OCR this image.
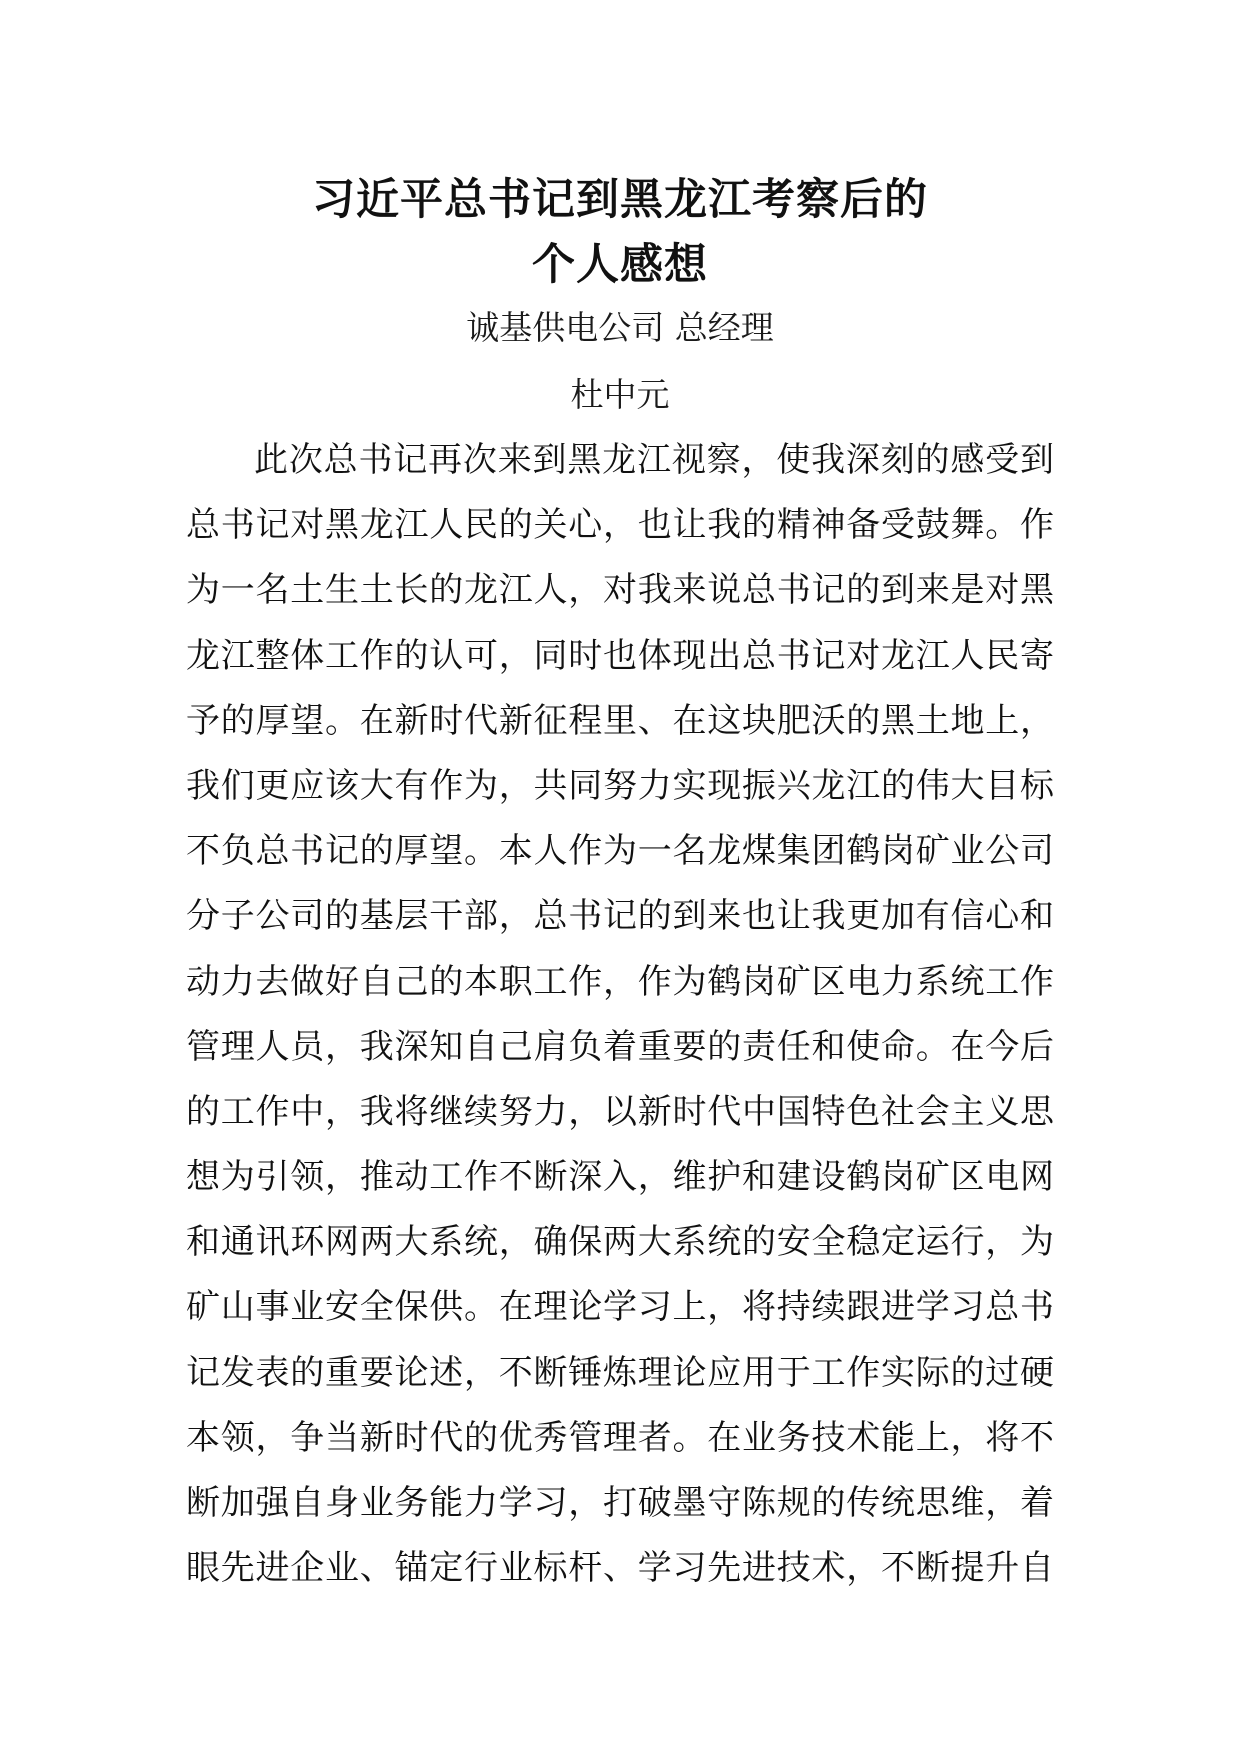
习近平总书记到黑龙江考察后的
个人感想
诚基供电公司 总经理
杜中元
此次总书记再次来到黑龙江视察，使我深刻的感受到
总书记对黑龙江人民的关心，也让我的精神备受鼓舞。作
为一名土生土长的龙江人，对我来说总书记的到来是对黑
龙江整体工作的认可，同时也体现出总书记对龙江人民寄
予的厚望。在新时代新征程里、在这块肥沃的黑土地上，
我们更应该大有作为，共同努力实现振兴龙江的伟大目标
不负总书记的厚望。本人作为一名龙煤集团鹤岗矿业公司
分子公司的基层干部，总书记的到来也让我更加有信心和
动力去做好自己的本职工作，作为鹤岗矿区电力系统工作
管理人员，我深知自己肩负着重要的责任和使命。在今后
的工作中，我将继续努力，以新时代中国特色社会主义思
想为引领，推动工作不断深入，维护和建设鹤岗矿区电网
和通讯环网两大系统，确保两大系统的安全稳定运行，为
矿山事业安全保供。在理论学习上，将持续跟进学习总书
记发表的重要论述，不断锤炼理论应用于工作实际的过硬
本领，争当新时代的优秀管理者。在业务技术能上，将不
断加强自身业务能力学习，打破墨守陈规的传统思维，着
眼先进企业、锚定行业标杆、学习先进技术，不断提升自
